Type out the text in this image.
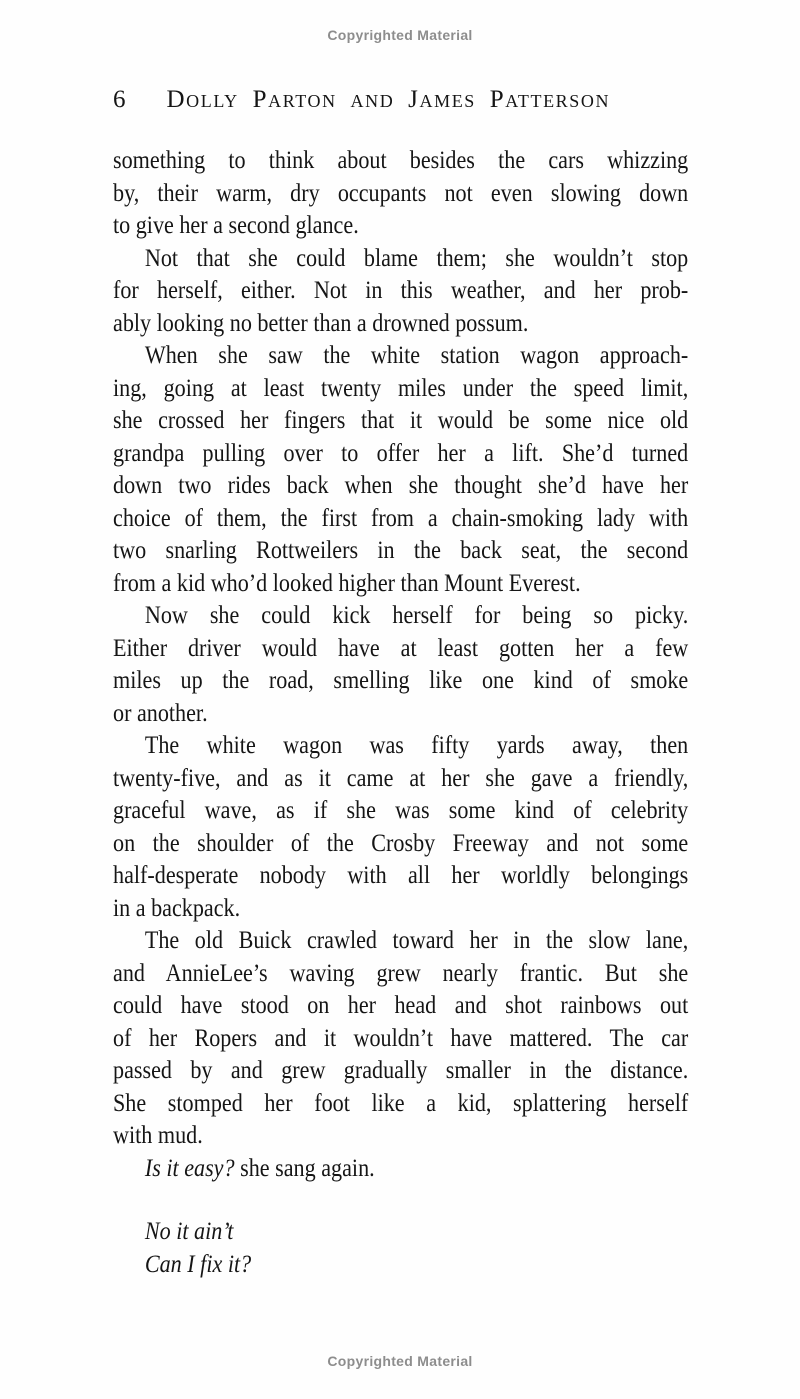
Copyrighted Material
6 Dolly Parton and James Patterson
something to think about besides the cars whizzing
by, their warm, dry occupants not even slowing down
to give her a second glance.
Not that she could blame them; she wouldn’t stop
for herself, either. Not in this weather, and her prob-
ably looking no better than a drowned possum.
When she saw the white station wagon approach-
ing, going at least twenty miles under the speed limit,
she crossed her fingers that it would be some nice old
grandpa pulling over to offer her a lift. She’d turned
down two rides back when she thought she’d have her
choice of them, the first from a chain-smoking lady with
two snarling Rottweilers in the back seat, the second
from a kid who’d looked higher than Mount Everest.
Now she could kick herself for being so picky.
Either driver would have at least gotten her a few
miles up the road, smelling like one kind of smoke
or another.
The white wagon was fifty yards away, then
twenty-five, and as it came at her she gave a friendly,
graceful wave, as if she was some kind of celebrity
on the shoulder of the Crosby Freeway and not some
half-desperate nobody with all her worldly belongings
in a backpack.
The old Buick crawled toward her in the slow lane,
and AnnieLee’s waving grew nearly frantic. But she
could have stood on her head and shot rainbows out
of her Ropers and it wouldn’t have mattered. The car
passed by and grew gradually smaller in the distance.
She stomped her foot like a kid, splattering herself
with mud.
Is it easy? she sang again.
No it ain’t
Can I fix it?
Copyrighted Material
